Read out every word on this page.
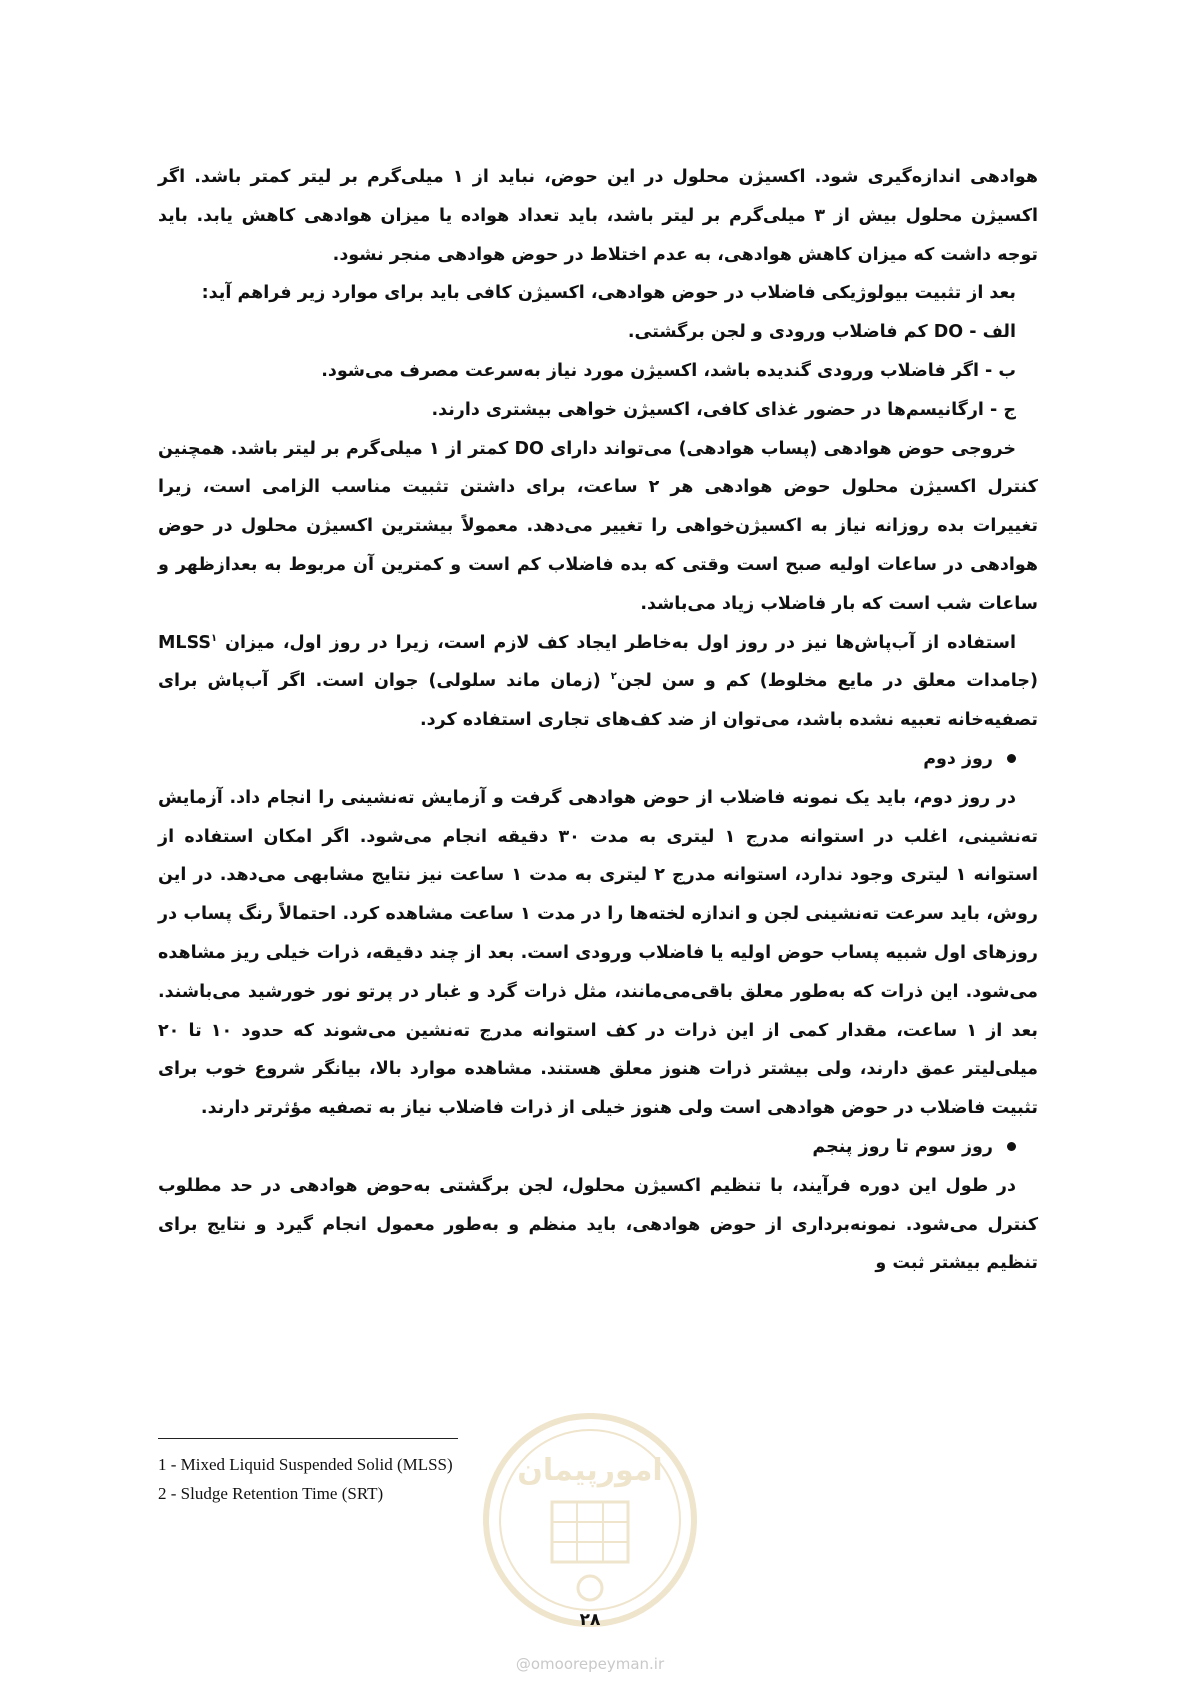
امورپیمان

هوادهی اندازه‌گیری شود. اکسیژن محلول در این حوض، نباید از ۱ میلی‌گرم بر لیتر کمتر باشد. اگر اکسیژن محلول بیش از ۳ میلی‌گرم بر لیتر باشد، باید تعداد هواده یا میزان هوادهی کاهش یابد. باید توجه داشت که میزان کاهش هوادهی، به عدم اختلاط در حوض هوادهی منجر نشود.

بعد از تثبیت بیولوژیکی فاضلاب در حوض هوادهی، اکسیژن کافی باید برای موارد زیر فراهم آید:

الف - DO کم فاضلاب ورودی و لجن برگشتی.

ب - اگر فاضلاب ورودی گندیده باشد، اکسیژن مورد نیاز به‌سرعت مصرف می‌شود.

ج - ارگانیسم‌ها در حضور غذای کافی، اکسیژن خواهی بیشتری دارند.

خروجی حوض هوادهی (پساب هوادهی) می‌تواند دارای DO کمتر از ۱ میلی‌گرم بر لیتر باشد. همچنین کنترل اکسیژن محلول حوض هوادهی هر ۲ ساعت، برای داشتن تثبیت مناسب الزامی است، زیرا تغییرات بده روزانه نیاز به اکسیژن‌خواهی را تغییر می‌دهد. معمولاً بیشترین اکسیژن محلول در حوض هوادهی در ساعات اولیه صبح است وقتی که بده فاضلاب کم است و کمترین آن مربوط به بعدازظهر و ساعات شب است که بار فاضلاب زیاد می‌باشد.

استفاده از آب‌پاش‌ها نیز در روز اول به‌خاطر ایجاد کف لازم است، زیرا در روز اول، میزان MLSS$^۱$ (جامدات معلق در مایع مخلوط) کم و سن لجن$^۲$ (زمان ماند سلولی) جوان است. اگر آب‌پاش برای تصفیه‌خانه تعبیه نشده باشد، می‌توان از ضد کف‌های تجاری استفاده کرد.

روز دوم

در روز دوم، باید یک نمونه فاضلاب از حوض هوادهی گرفت و آزمایش ته‌نشینی را انجام داد. آزمایش ته‌نشینی، اغلب در استوانه مدرج ۱ لیتری به مدت ۳۰ دقیقه انجام می‌شود. اگر امکان استفاده از استوانه ۱ لیتری وجود ندارد، استوانه مدرج ۲ لیتری به مدت ۱ ساعت نیز نتایج مشابهی می‌دهد. در این روش، باید سرعت ته‌نشینی لجن و اندازه لخته‌ها را در مدت ۱ ساعت مشاهده کرد. احتمالاً رنگ پساب در روزهای اول شبیه پساب حوض اولیه یا فاضلاب ورودی است. بعد از چند دقیقه، ذرات خیلی ریز مشاهده می‌شود. این ذرات که به‌طور معلق باقی‌می‌مانند، مثل ذرات گرد و غبار در پرتو نور خورشید می‌باشند. بعد از ۱ ساعت، مقدار کمی از این ذرات در کف استوانه مدرج ته‌نشین می‌شوند که حدود ۱۰ تا ۲۰ میلی‌لیتر عمق دارند، ولی بیشتر ذرات هنوز معلق هستند. مشاهده موارد بالا، بیانگر شروع خوب برای تثبیت فاضلاب در حوض هوادهی است ولی هنوز خیلی از ذرات فاضلاب نیاز به تصفیه مؤثرتر دارند.

روز سوم تا روز پنجم

در طول این دوره فرآیند، با تنظیم اکسیژن محلول، لجن برگشتی به‌حوض هوادهی در حد مطلوب کنترل می‌شود. نمونه‌برداری از حوض هوادهی، باید منظم و به‌طور معمول انجام گیرد و نتایج برای تنظیم بیشتر ثبت و

1 - Mixed Liquid Suspended Solid (MLSS)
2 - Sludge Retention Time (SRT)
۲۸
@omoorepeyman.ir
